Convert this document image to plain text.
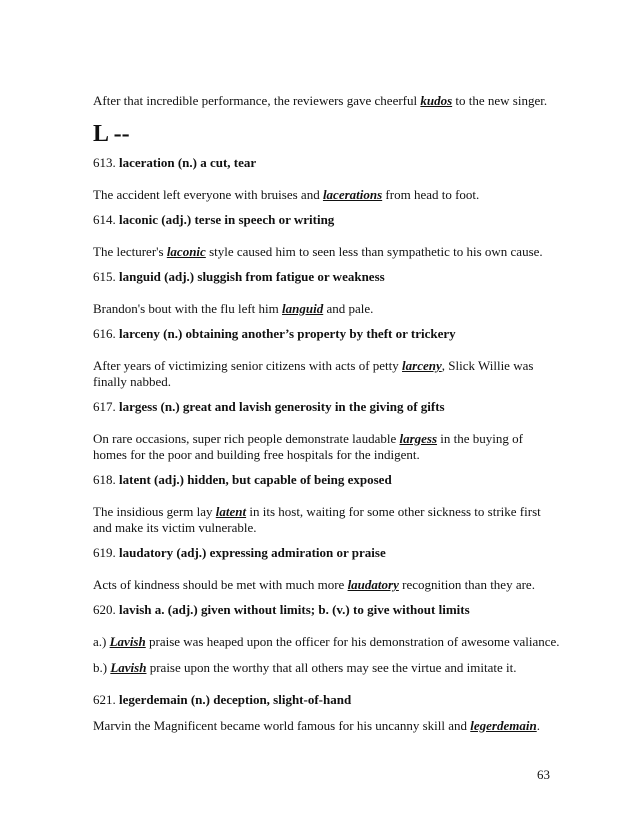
After that incredible performance, the reviewers gave cheerful kudos to the new singer.
L --
613. laceration (n.) a cut, tear
The accident left everyone with bruises and lacerations from head to foot.
614. laconic (adj.) terse in speech or writing
The lecturer's laconic style caused him to seen less than sympathetic to his own cause.
615. languid (adj.) sluggish from fatigue or weakness
Brandon's bout with the flu left him languid and pale.
616. larceny (n.) obtaining another’s property by theft or trickery
After years of victimizing senior citizens with acts of petty larceny, Slick Willie was finally nabbed.
617. largess (n.) great and lavish generosity in the giving of gifts
On rare occasions, super rich people demonstrate laudable largess in the buying of homes for the poor and building free hospitals for the indigent.
618. latent (adj.) hidden, but capable of being exposed
The insidious germ lay latent in its host, waiting for some other sickness to strike first and make its victim vulnerable.
619. laudatory (adj.) expressing admiration or praise
Acts of kindness should be met with much more laudatory recognition than they are.
620. lavish a. (adj.) given without limits; b. (v.) to give without limits
a.) Lavish praise was heaped upon the officer for his demonstration of awesome valiance.
b.) Lavish praise upon the worthy that all others may see the virtue and imitate it.
621. legerdemain (n.) deception, slight-of-hand
Marvin the Magnificent became world famous for his uncanny skill and legerdemain.
63
